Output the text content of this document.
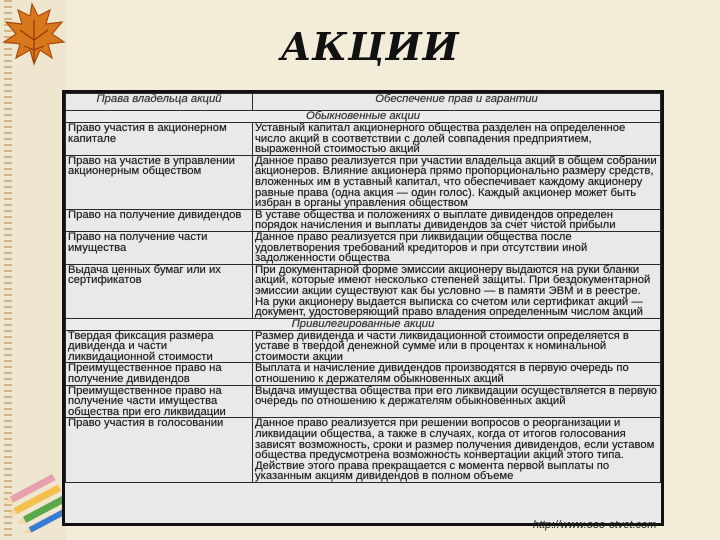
АКЦИИ
Права владельца акций	Обеспечение прав и гарантии
Обыкновенные акции	
Право участия в акционерном капитале	Уставный капитал акционерного общества разделен на определенное число акций в соответствии с долей совпадения предприятием, выраженной стоимостью акций
Право на участие в управлении акционерным обществом	Данное право реализуется при участии владельца акций в общем собрании акционеров. Влияние акционера прямо пропорционально размеру средств, вложенных им в уставный капитал, что обеспечивает каждому акционеру равные права (одна акция — один голос). Каждый акционер может быть избран в органы управления обществом
Право на получение дивидендов	В уставе общества и положениях о выплате дивидендов определен порядок начисления и выплаты дивидендов за счет чистой прибыли
Право на получение части имущества	Данное право реализуется при ликвидации общества после удовлетворения требований кредиторов и при отсутствии иной задолженности общества
Выдача ценных бумаг или их сертификатов	При документарной форме эмиссии акционеру выдаются на руки бланки акций, которые имеют несколько степеней защиты. При бездокументарной эмиссии акции существуют как бы условно — в памяти ЭВМ и в реестре. На руки акционеру выдается выписка со счетом или сертификат акций — документ, удостоверяющий право владения определенным числом акций
Привилегированные акции	
Твердая фиксация размера дивиденда и части ликвидационной стоимости	Размер дивиденда и части ликвидационной стоимости определяется в уставе в твердой денежной сумме или в процентах к номинальной стоимости акции
Преимущественное право на получение дивидендов	Выплата и начисление дивидендов производятся в первую очередь по отношению к держателям обыкновенных акций
Преимущественное право на получение части имущества общества при его ликвидации	Выдача имущества общества при его ликвидации осуществляется в первую очередь по отношению к держателям обыкновенных акций
Право участия в голосовании	Данное право реализуется при решении вопросов о реорганизации и ликвидации общества, а также в случаях, когда от итогов голосования зависят возможность, сроки и размер получения дивидендов, если уставом общества предусмотрена возможность конвертации акций этого типа. Действие этого права прекращается с момента первой выплаты по указанным акциям дивидендов в полном объеме
http://www.ooo-otvet.com
